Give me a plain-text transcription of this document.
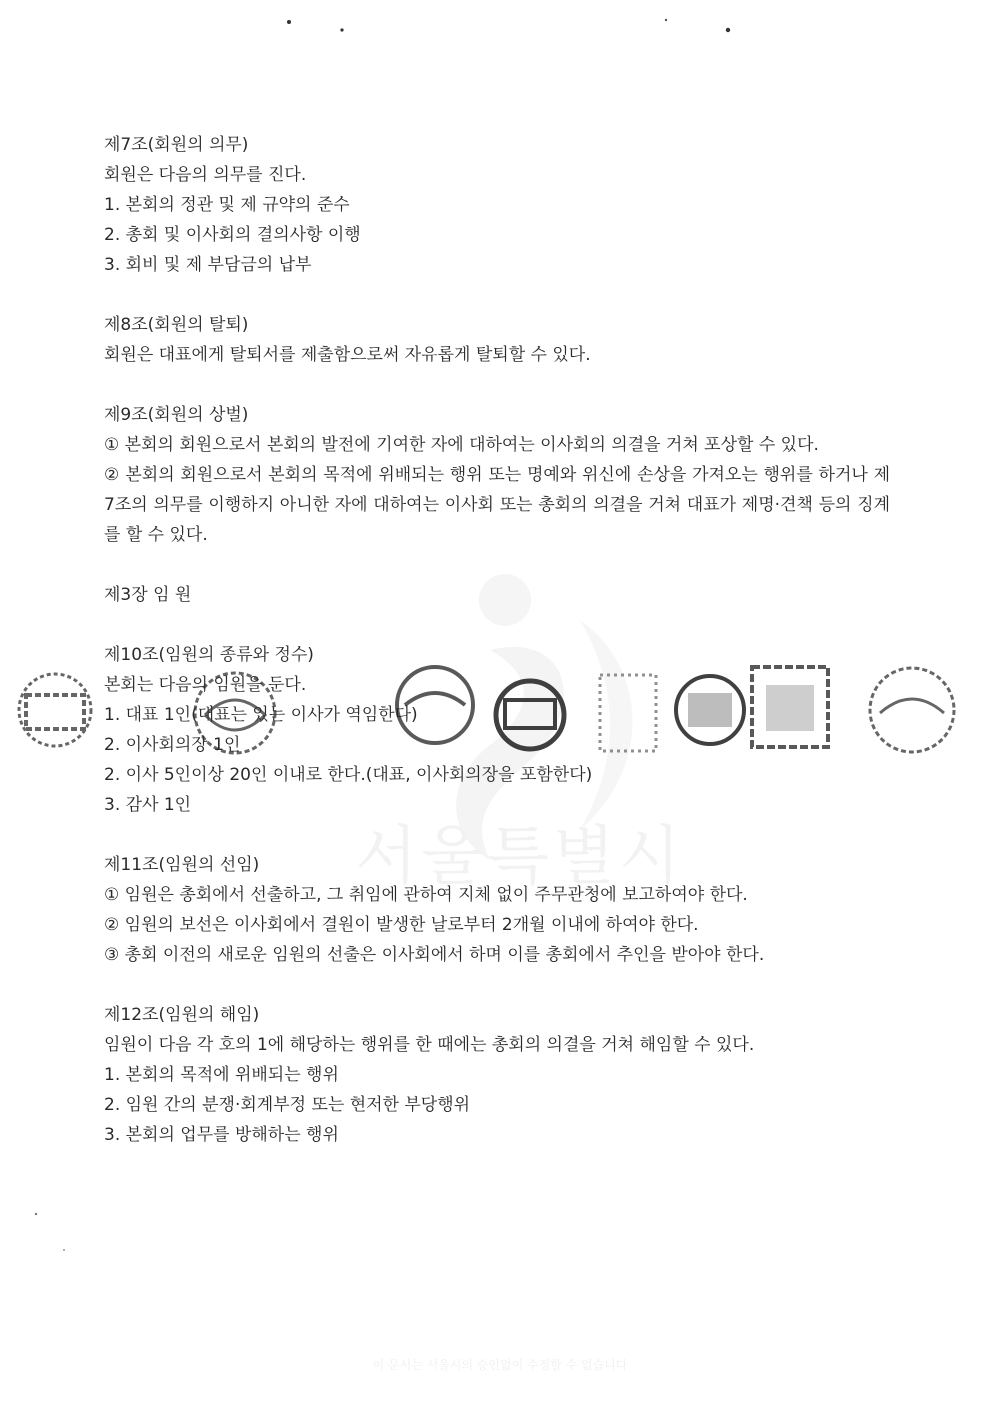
서울특별시

제7조(회원의 의무)

회원은 다음의 의무를 진다.

1. 본회의 정관 및 제 규약의 준수

2. 총회 및 이사회의 결의사항 이행

3. 회비 및 제 부담금의 납부

제8조(회원의 탈퇴)

회원은 대표에게 탈퇴서를 제출함으로써 자유롭게 탈퇴할 수 있다.

제9조(회원의 상벌)

① 본회의 회원으로서 본회의 발전에 기여한 자에 대하여는 이사회의 의결을 거쳐 포상할 수 있다.

② 본회의 회원으로서 본회의 목적에 위배되는 행위 또는 명예와 위신에 손상을 가져오는 행위를 하거나 제7조의 의무를 이행하지 아니한 자에 대하여는 이사회 또는 총회의 의결을 거쳐 대표가 제명·견책 등의 징계를 할 수 있다.

제3장 임 원

제10조(임원의 종류와 정수)

본회는 다음의 임원을 둔다.

1. 대표 1인(대표는 있는 이사가 역임한다)

2. 이사회의장 1인

2. 이사 5인이상 20인 이내로 한다.(대표, 이사회의장을 포함한다)

3. 감사 1인

제11조(임원의 선임)

① 임원은 총회에서 선출하고, 그 취임에 관하여 지체 없이 주무관청에 보고하여야 한다.

② 임원의 보선은 이사회에서 결원이 발생한 날로부터 2개월 이내에 하여야 한다.

③ 총회 이전의 새로운 임원의 선출은 이사회에서 하며 이를 총회에서 추인을 받아야 한다.

제12조(임원의 해임)

임원이 다음 각 호의 1에 해당하는 행위를 한 때에는 총회의 의결을 거쳐 해임할 수 있다.

1. 본회의 목적에 위배되는 행위

2. 임원 간의 분쟁·회계부정 또는 현저한 부당행위

3. 본회의 업무를 방해하는 행위

이 문서는 서울시의 승인없이 수정할 수 없습니다
